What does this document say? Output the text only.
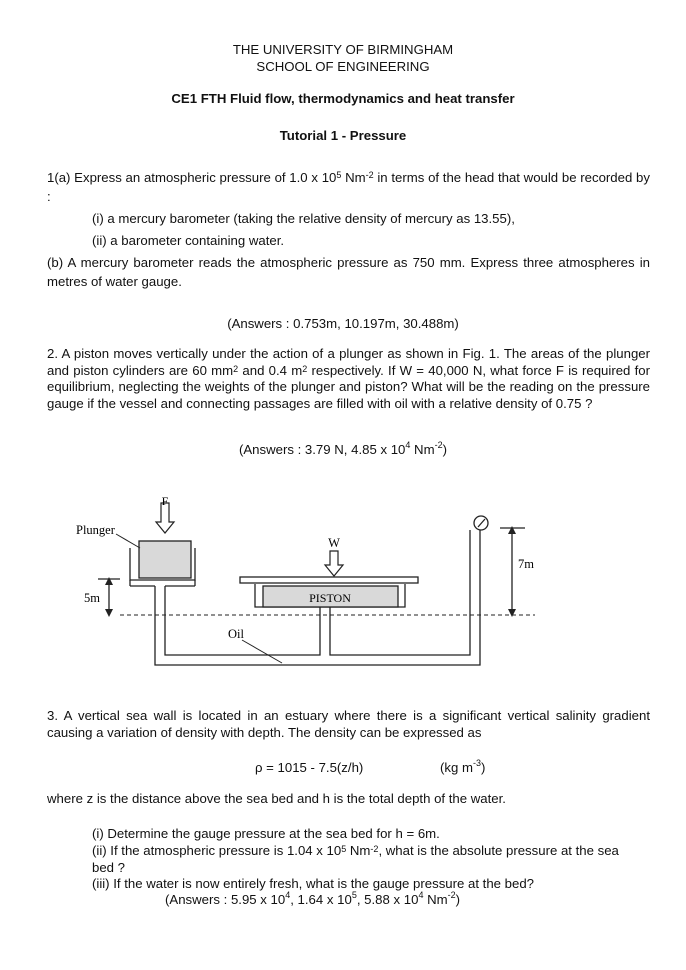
THE UNIVERSITY OF BIRMINGHAM
SCHOOL OF ENGINEERING
CE1 FTH Fluid flow, thermodynamics and heat transfer
Tutorial 1 - Pressure
1(a) Express an atmospheric pressure of 1.0 x $10^5$ $Nm^{-2}$ in terms of the head that would be recorded by :
(i) a mercury barometer (taking the relative density of mercury as 13.55),
(ii) a barometer containing water.
(b) A mercury barometer reads the atmospheric pressure as 750 mm. Express three atmospheres in metres of water gauge.
(Answers : 0.753m, 10.197m, 30.488m)
2. A piston moves vertically under the action of a plunger as shown in Fig. 1. The areas of the plunger and piston cylinders are 60 $mm^2$ and 0.4 $m^2$ respectively. If W = 40,000 N, what force F is required for equilibrium, neglecting the weights of the plunger and piston? What will be the reading on the pressure gauge if the vessel and connecting passages are filled with oil with a relative density of 0.75 ?
(Answers : 3.79 N, 4.85 x $10^4$ $Nm^{-2}$)
F
Plunger
W
PISTON
7m
5m
Oil
3. A vertical sea wall is located in an estuary where there is a significant vertical salinity gradient causing a variation of density with depth. The density can be expressed as
ρ = 1015 - 7.5(z/h)	(kg $m^{-3}$)
where z is the distance above the sea bed and h is the total depth of the water.
(i) Determine the gauge pressure at the sea bed for h = 6m.
(ii) If the atmospheric pressure is 1.04 x $10^5$ $Nm^{-2}$, what is the absolute pressure at the sea bed ?
(iii) If the water is now entirely fresh, what is the gauge pressure at the bed?
(Answers : 5.95 x $10^4$, 1.64 x $10^5$, 5.88 x $10^4$ $Nm^{-2}$)
